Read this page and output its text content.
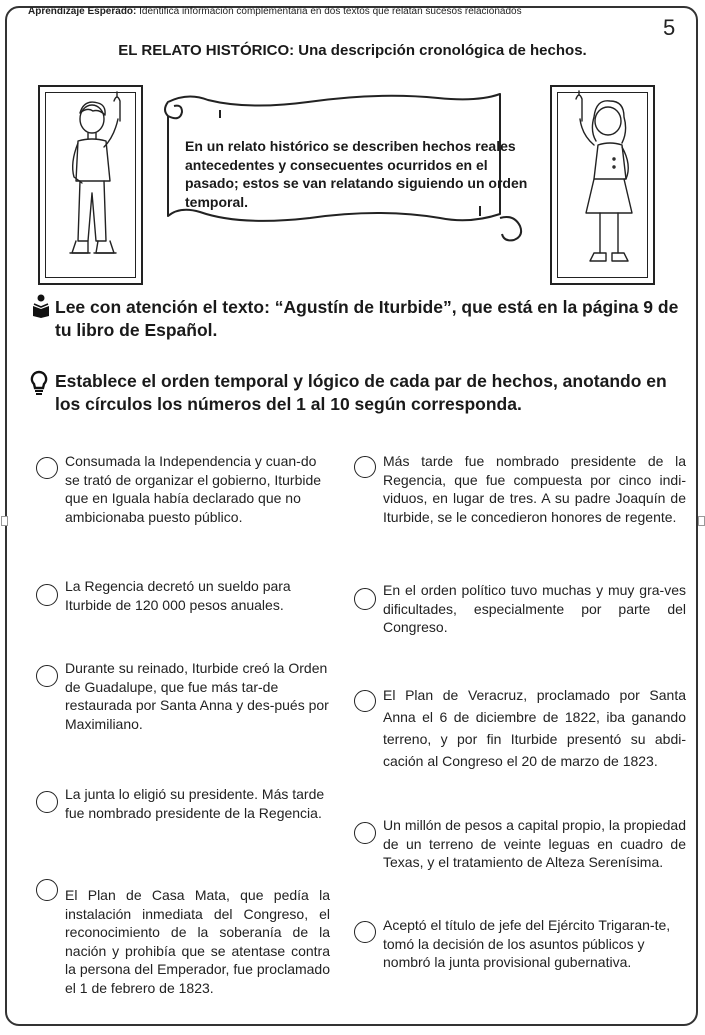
Aprendizaje Esperado: Identifica información complementaria en dos textos que relatan sucesos relacionados
5
EL RELATO HISTÓRICO: Una descripción cronológica de hechos.
En un relato histórico se describen hechos reales antecedentes y consecuentes ocurridos en el pasado; estos se van relatando siguiendo un orden temporal.
Lee con atención el texto: “Agustín de Iturbide”, que está en la página 9 de tu libro de Español.
Establece el orden temporal y lógico de cada par de hechos, anotando en los círculos los números del 1 al 10 según corresponda.
Consumada la Independencia y cuan-do se trató de organizar el gobierno, Iturbide que en Iguala había declarado que no ambicionaba puesto público.
La Regencia decretó un sueldo para Iturbide de 120 000 pesos anuales.
Durante su reinado, Iturbide creó la Orden de Guadalupe, que fue más tar-de restaurada por Santa Anna y des-pués por Maximiliano.
La junta lo eligió su presidente. Más tarde fue nombrado presidente de la Regencia.
El Plan de Casa Mata, que pedía la instalación inmediata del Congreso, el reconocimiento de la soberanía de la nación y prohibía que se atentase contra la persona del Emperador, fue proclamado el 1 de febrero de 1823.
Más tarde fue nombrado presidente de la Regencia, que fue compuesta por cinco indi-viduos, en lugar de tres. A su padre Joaquín de Iturbide, se le concedieron honores de regente.
En el orden político tuvo muchas y muy gra-ves dificultades, especialmente por parte del Congreso.
El Plan de Veracruz, proclamado por Santa Anna el 6 de diciembre de 1822, iba ganando terreno, y por fin Iturbide presentó su abdi-cación al Congreso el 20 de marzo de 1823.
Un millón de pesos a capital propio, la propiedad de un terreno de veinte leguas en cuadro de Texas, y el tratamiento de Alteza Serenísima.
Aceptó el título de jefe del Ejército Trigaran-te, tomó la decisión de los asuntos públicos y nombró la junta provisional gubernativa.
